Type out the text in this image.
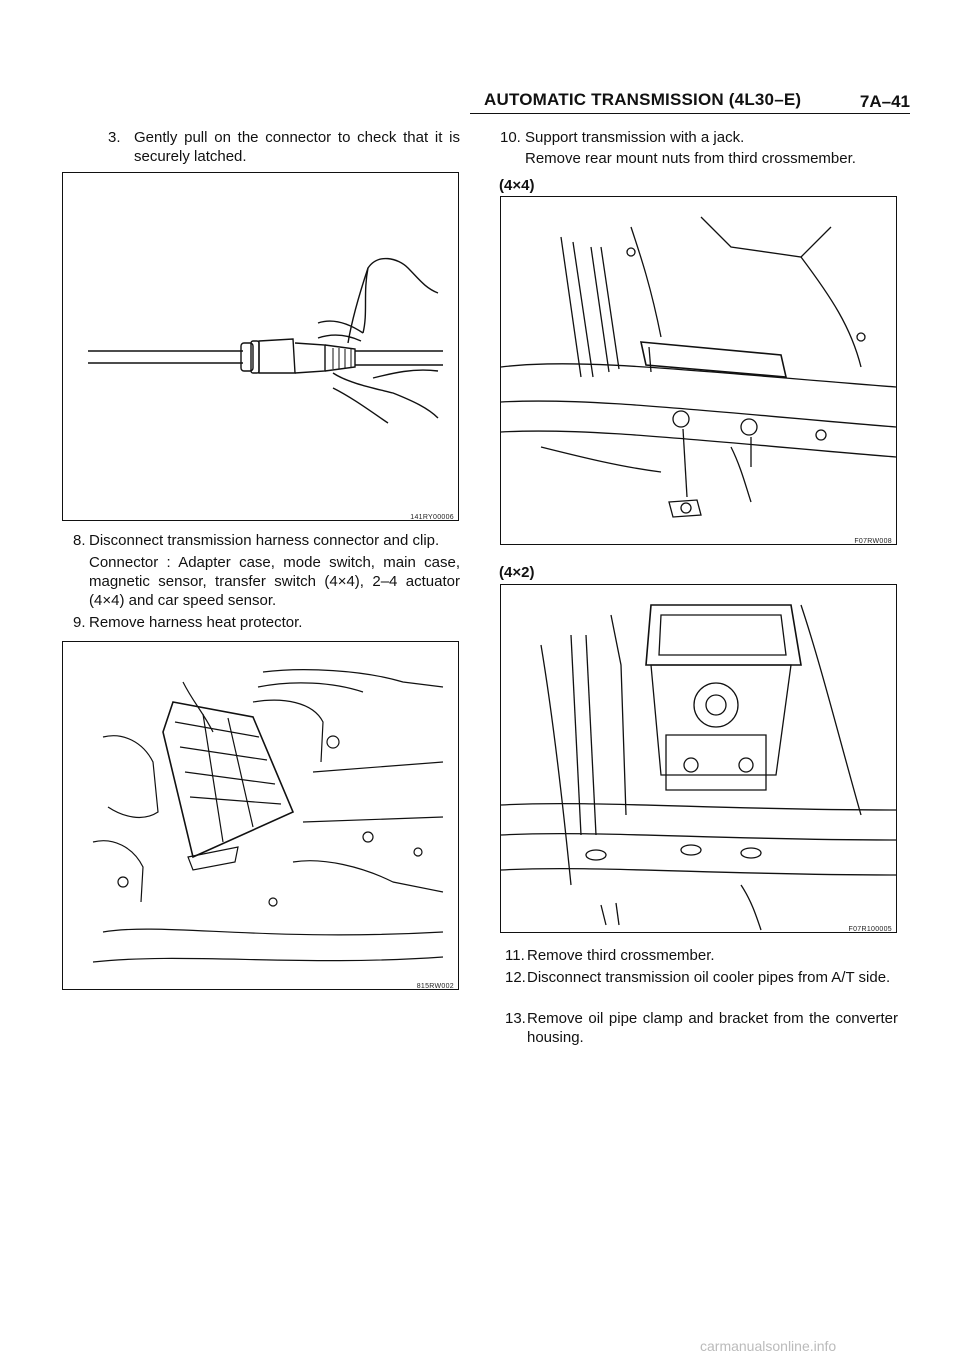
AUTOMATIC TRANSMISSION (4L30–E)	7A–41
3. Gently pull on the connector to check that it is securely latched.

141RY00006
8. Disconnect transmission harness connector and clip.

Connector : Adapter case, mode switch, main case, magnetic sensor, transfer switch (4×4), 2–4 actuator (4×4) and car speed sensor.

9. Remove harness heat protector.

815RW002
10. Support transmission with a jack.

Remove rear mount nuts from third crossmember.

(4×4)
F07RW008
(4×2)
F07R100005
11. Remove third crossmember.

12. Disconnect transmission oil cooler pipes from A/T side.

13. Remove oil pipe clamp and bracket from the converter housing.

carmanualsonline.info
